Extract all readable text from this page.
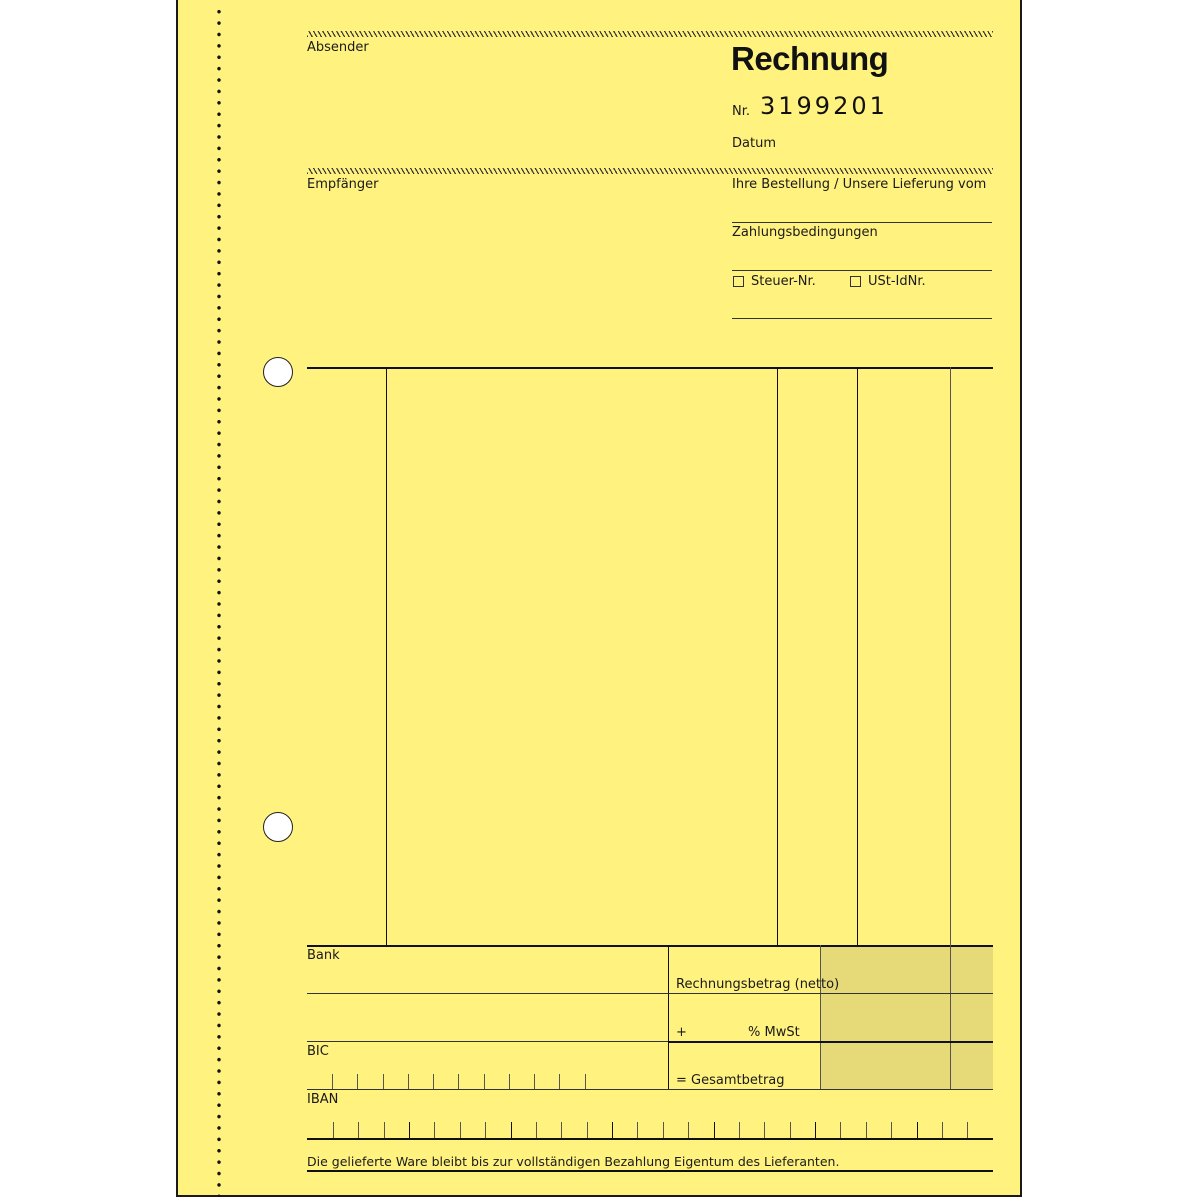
Absender	Rechnung
Nr. 3199201
Datum
Empfänger	Ihre Bestellung / Unsere Lieferung vom
Zahlungsbedingungen
Steuer-Nr.	USt-IdNr.
Bank
BIC
Rechnungsbetrag (netto)
+	% MwSt
= Gesamtbetrag
IBAN
Die gelieferte Ware bleibt bis zur vollständigen Bezahlung Eigentum des Lieferanten.
